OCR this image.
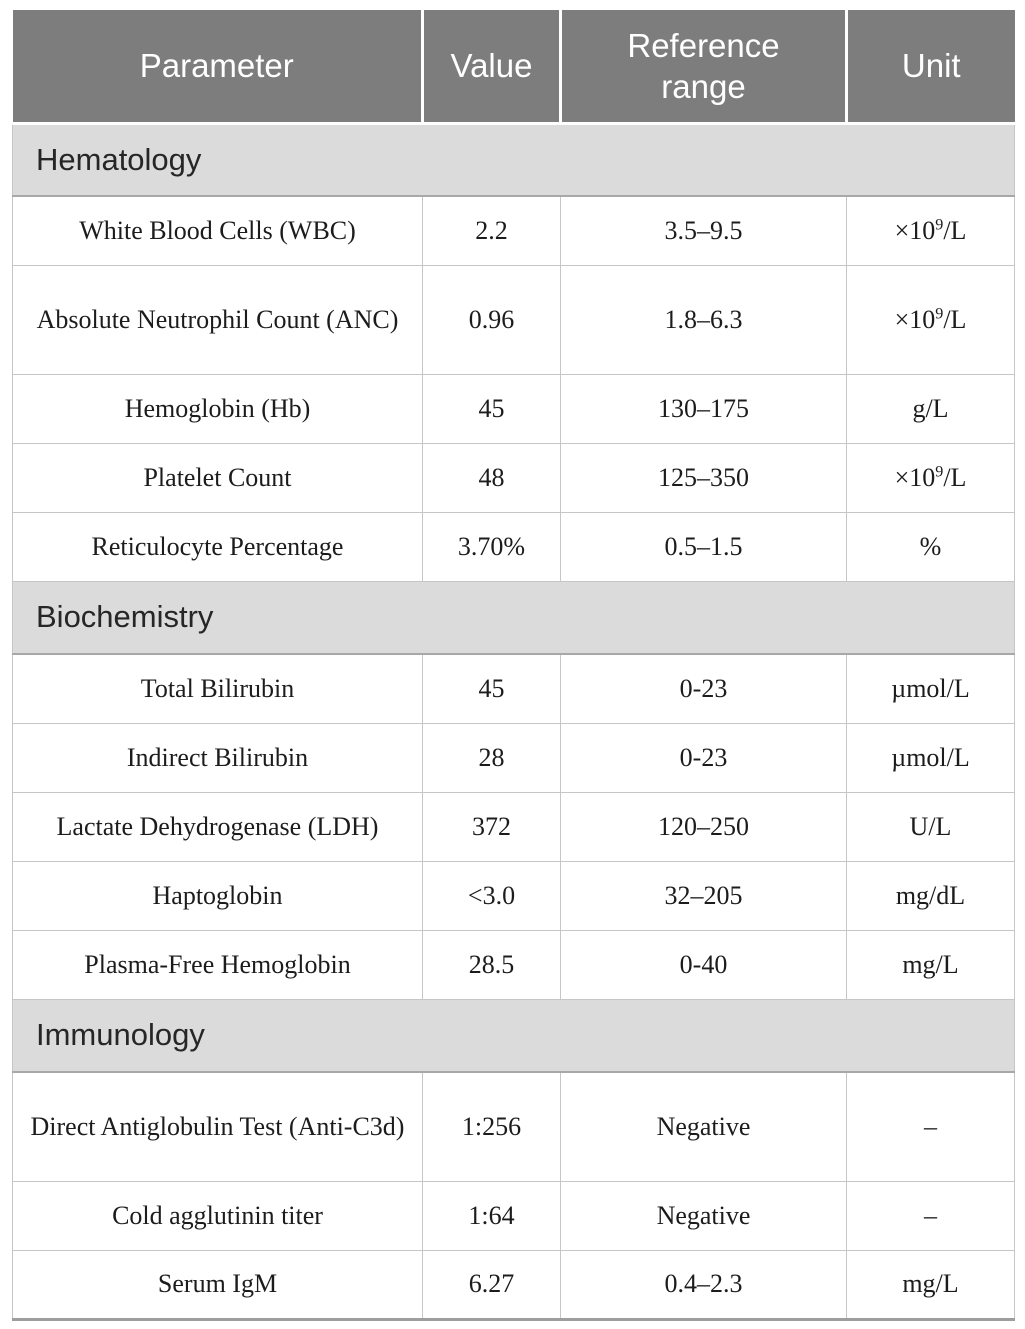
Parameter	Value	Reference range	Unit
Hematology			
White Blood Cells (WBC)	2.2	3.5–9.5	$\times 10^9/L$
Absolute Neutrophil Count (ANC)	0.96	1.8–6.3	$\times 10^9/L$
Hemoglobin (Hb)	45	130–175	g/L
Platelet Count	48	125–350	$\times 10^9/L$
Reticulocyte Percentage	3.70%	0.5–1.5	%
Biochemistry			
Total Bilirubin	45	0-23	µmol/L
Indirect Bilirubin	28	0-23	µmol/L
Lactate Dehydrogenase (LDH)	372	120–250	U/L
Haptoglobin	<3.0	32–205	mg/dL
Plasma-Free Hemoglobin	28.5	0-40	mg/L
Immunology			
Direct Antiglobulin Test (Anti-C3d)	1:256	Negative	–
Cold agglutinin titer	1:64	Negative	–
Serum IgM	6.27	0.4–2.3	mg/L
